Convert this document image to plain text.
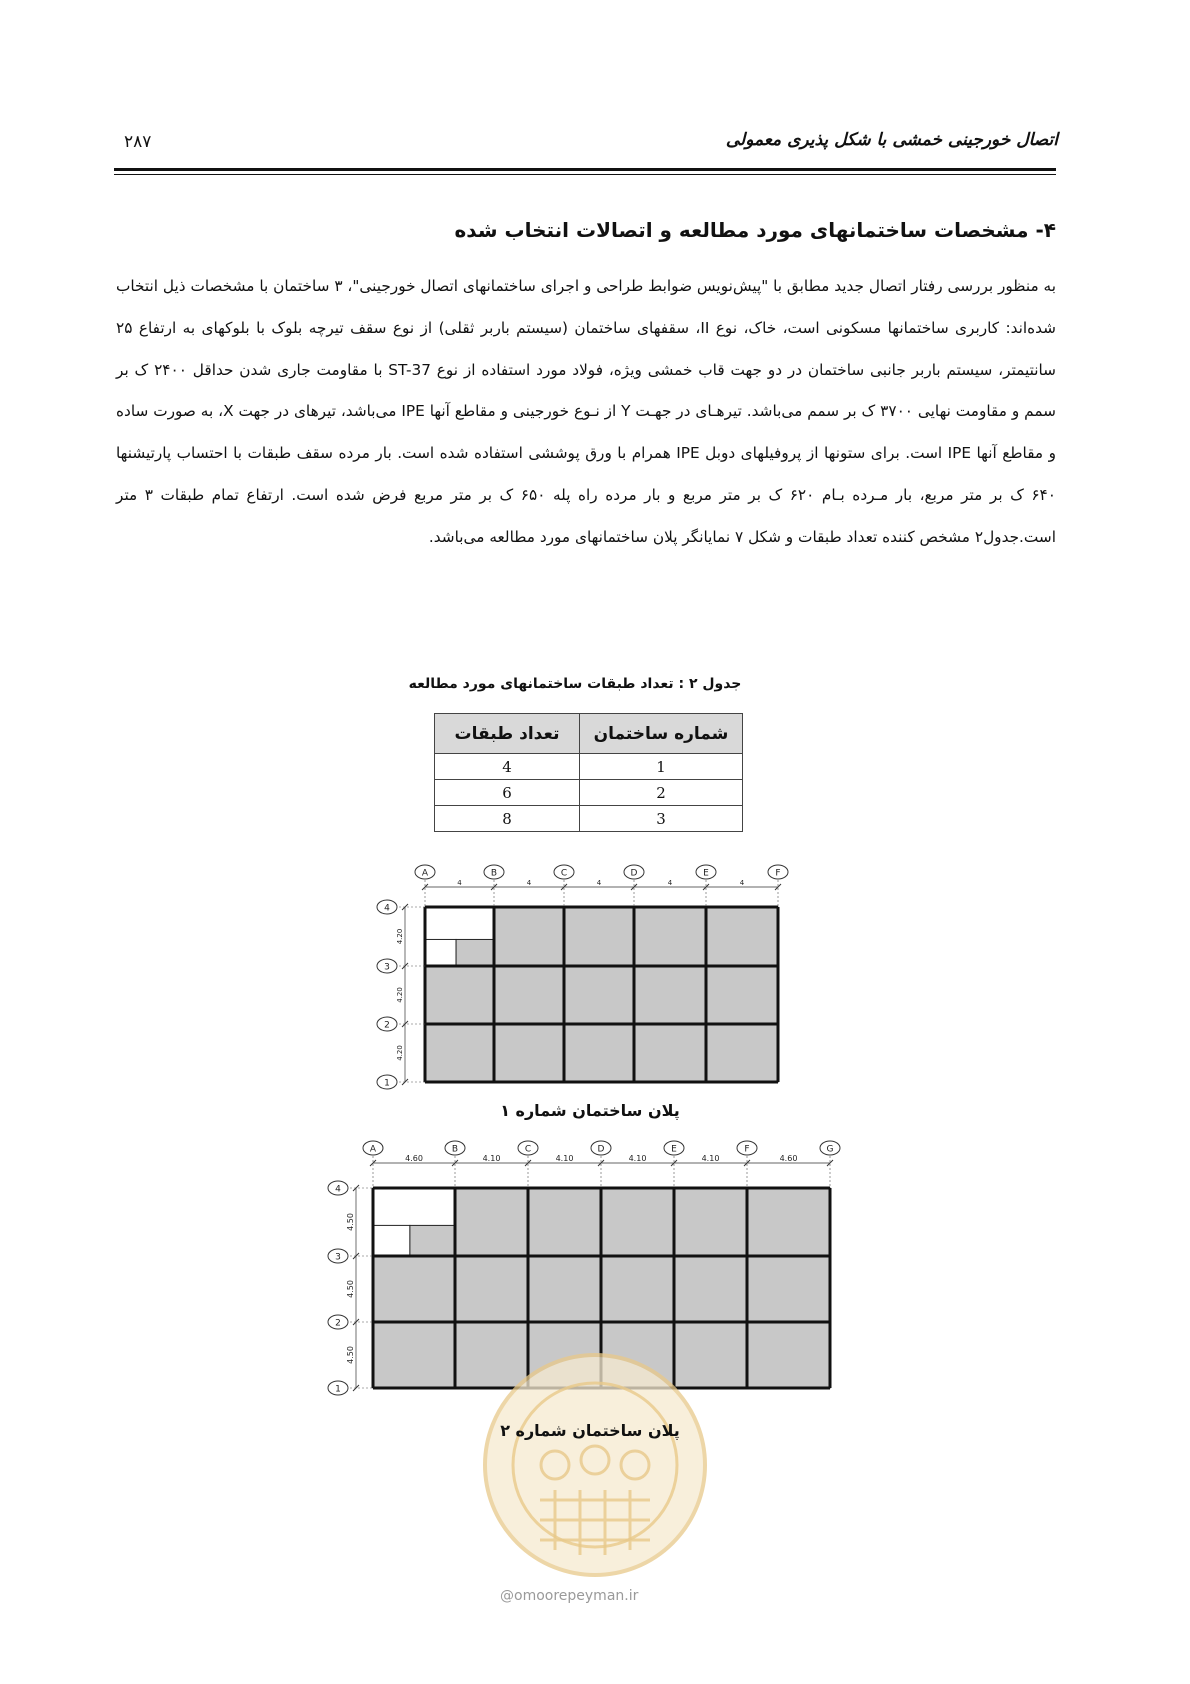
۲۸۷	اتصال خورجینی خمشی با شکل پذیری معمولی
۴- مشخصات ساختمانهای مورد مطالعه و اتصالات انتخاب شده

به منظور بررسی رفتار اتصال جدید مطابق با "پیش‌نویس ضوابط طراحی و اجرای ساختمانهای اتصال خورجینی"، ۳ ساختمان با مشخصات ذیل انتخاب شده‌اند: کاربری ساختمانها مسکونی است، خاک، نوع II، سقفهای ساختمان (سیستم باربر ثقلی) از نوع سقف تیرچه بلوک با بلوکهای به ارتفاع ۲۵ سانتیمتر، سیستم باربر جانبی ساختمان در دو جهت قاب خمشی ویژه، فولاد مورد استفاده از نوع ST-37 با مقاومت جاری شدن حداقل ۲۴۰۰ ک بر سمم و مقاومت نهایی ۳۷۰۰ ک بر سمم می‌باشد. تیرهـای در جهـت Y از نـوع خورجینی و مقاطع آنها IPE می‌باشد، تیرهای در جهت X، به صورت ساده و مقاطع آنها IPE است. برای ستونها از پروفیلهای دوبل IPE همرام با ورق پوششی استفاده شده است. بار مرده سقف طبقات با احتساب پارتیشنها ۶۴۰ ک بر متر مربع، بار مـرده بـام ۶۲۰ ک بر متر مربع و بار مرده راه پله ۶۵۰ ک بر متر مربع فرض شده است. ارتفاع تمام طبقات ۳ متر است.جدول۲ مشخص کننده تعداد طبقات و شکل ۷ نمایانگر پلان ساختمانهای مورد مطالعه می‌باشد.

جدول ۲ : تعداد طبقات ساختمانهای مورد مطالعه
شماره ساختمان	تعداد طبقات
1	4
2	6
3	8
A	B	C	D	E	F
4	4	4	4	4
4
3
2
1
4.20
4.20
4.20
پلان ساختمان شماره ۱
A	B	C	D	E	F	G
4.60	4.10	4.10	4.10	4.10	4.60
4
3
2
1
4.50
4.50
4.50
پلان ساختمان شماره ۲
@omoorepeyman.ir
